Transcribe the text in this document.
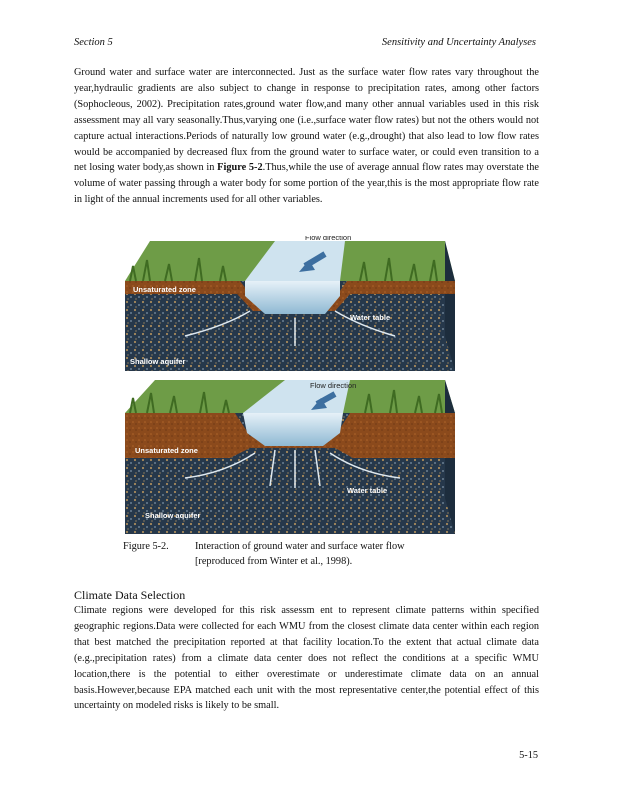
Section 5	Sensitivity and Uncertainty Analyses
Ground water and surface water are interconnected. Just as the surface water flow rates vary throughout the year,hydraulic gradients are also subject to change in response to precipitation rates, among other factors (Sophocleous, 2002). Precipitation rates,ground water flow,and many other annual variables used in this risk assessment may all vary seasonally.Thus,varying one (i.e.,surface water flow rates) but not the others would not capture actual interactions.Periods of naturally low ground water (e.g.,drought) that also lead to low flow rates would be accompanied by decreased flux from the ground water to surface water, or could even transition to a net losing water body,as shown in Figure 5-2.Thus,while the use of average annual flow rates may overstate the volume of water passing through a water body for some portion of the year,this is the most appropriate flow rate in light of the annual increments used for all other variables.
Flow direction
Unsaturated zone
Water table
Shallow aquifer
Flow direction
Unsaturated zone
Water table
Shallow aquifer
Figure 5-2.	Interaction of ground water and surface water flow
[reproduced from Winter et al., 1998).
Climate Data Selection
Climate regions were developed for this risk assessm ent to represent climate patterns within specified geographic regions.Data were collected for each WMU from the closest climate data center within each region that best matched the precipitation reported at that facility location.To the extent that actual climate data (e.g.,precipitation rates) from a climate data center does not reflect the conditions at a specific WMU location,there is the potential to either overestimate or underestimate climate data on an annual basis.However,because EPA matched each unit with the most representative center,the potential effect of this uncertainty on modeled risks is likely to be small.
5-15
